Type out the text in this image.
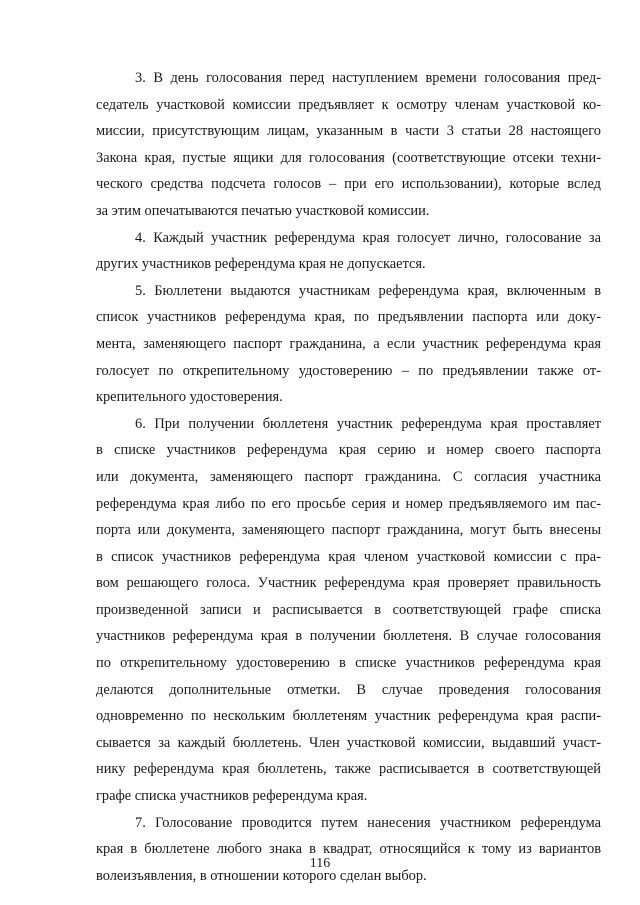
3. В день голосования перед наступлением времени голосования пред-
седатель участковой комиссии предъявляет к осмотру членам участковой ко-
миссии, присутствующим лицам, указанным в части 3 статьи 28 настоящего
Закона края, пустые ящики для голосования (соответствующие отсеки техни-
ческого средства подсчета голосов – при его использовании), которые вслед
за этим опечатываются печатью участковой комиссии.
4. Каждый участник референдума края голосует лично, голосование за
других участников референдума края не допускается.
5. Бюллетени выдаются участникам референдума края, включенным в
список участников референдума края, по предъявлении паспорта или доку-
мента, заменяющего паспорт гражданина, а если участник референдума края
голосует по открепительному удостоверению – по предъявлении также от-
крепительного удостоверения.
6. При получении бюллетеня участник референдума края проставляет
в списке участников референдума края серию и номер своего паспорта
или документа, заменяющего паспорт гражданина. С согласия участника
референдума края либо по его просьбе серия и номер предъявляемого им пас-
порта или документа, заменяющего паспорт гражданина, могут быть внесены
в список участников референдума края членом участковой комиссии с пра-
вом решающего голоса. Участник референдума края проверяет правильность
произведенной записи и расписывается в соответствующей графе списка
участников референдума края в получении бюллетеня. В случае голосования
по открепительному удостоверению в списке участников референдума края
делаются дополнительные отметки. В случае проведения голосования
одновременно по нескольким бюллетеням участник референдума края распи-
сывается за каждый бюллетень. Член участковой комиссии, выдавший участ-
нику референдума края бюллетень, также расписывается в соответствующей
графе списка участников референдума края.
7. Голосование проводится путем нанесения участником референдума
края в бюллетене любого знака в квадрат, относящийся к тому из вариантов
волеизъявления, в отношении которого сделан выбор.
116
